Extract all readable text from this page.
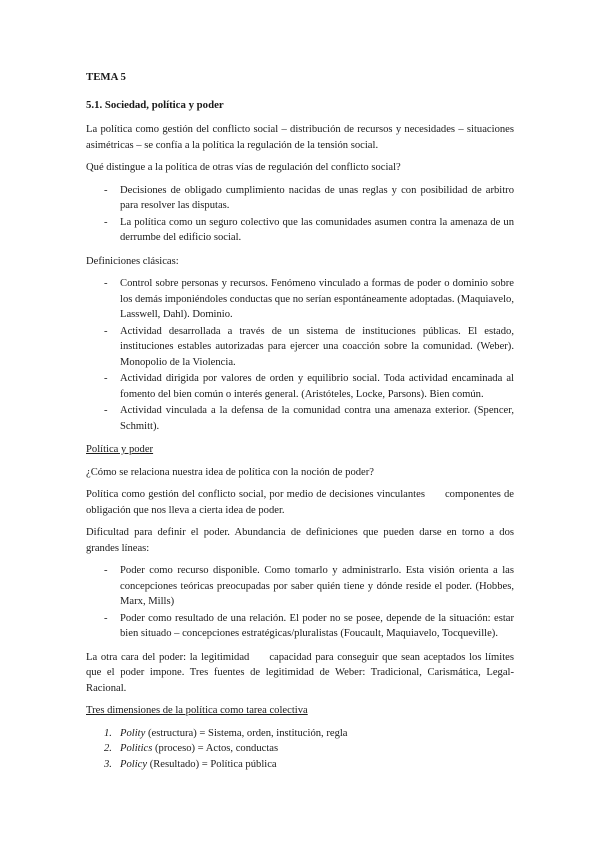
TEMA 5

5.1. Sociedad, política y poder

La política como gestión del conflicto social – distribución de recursos y necesidades – situaciones asimétricas – se confía a la política la regulación de la tensión social.

Qué distingue a la política de otras vías de regulación del conflicto social?

- Decisiones de obligado cumplimiento nacidas de unas reglas y con posibilidad de arbitro para resolver las disputas.
- La política como un seguro colectivo que las comunidades asumen contra la amenaza de un derrumbe del edificio social.

Definiciones clásicas:

- Control sobre personas y recursos. Fenómeno vinculado a formas de poder o dominio sobre los demás imponiéndoles conductas que no serían espontáneamente adoptadas. (Maquiavelo, Lasswell, Dahl). Dominio.
- Actividad desarrollada a través de un sistema de instituciones públicas. El estado, instituciones estables autorizadas para ejercer una coacción sobre la comunidad. (Weber). Monopolio de la Violencia.
- Actividad dirigida por valores de orden y equilibrio social. Toda actividad encaminada al fomento del bien común o interés general. (Aristóteles, Locke, Parsons). Bien común.
- Actividad vinculada a la defensa de la comunidad contra una amenaza exterior. (Spencer, Schmitt).

Política y poder

¿Cómo se relaciona nuestra idea de política con la noción de poder?

Política como gestión del conflicto social, por medio de decisiones vinculantes componentes de obligación que nos lleva a cierta idea de poder.

Dificultad para definir el poder. Abundancia de definiciones que pueden darse en torno a dos grandes líneas:

- Poder como recurso disponible. Como tomarlo y administrarlo. Esta visión orienta a las concepciones teóricas preocupadas por saber quién tiene y dónde reside el poder. (Hobbes, Marx, Mills)
- Poder como resultado de una relación. El poder no se posee, depende de la situación: estar bien situado – concepciones estratégicas/pluralistas (Foucault, Maquiavelo, Tocqueville).

La otra cara del poder: la legitimidad capacidad para conseguir que sean aceptados los límites que el poder impone. Tres fuentes de legitimidad de Weber: Tradicional, Carismática, Legal-Racional.

Tres dimensiones de la política como tarea colectiva

1. Polity (estructura) = Sistema, orden, institución, regla
2. Politics (proceso) = Actos, conductas
3. Policy (Resultado) = Política pública
